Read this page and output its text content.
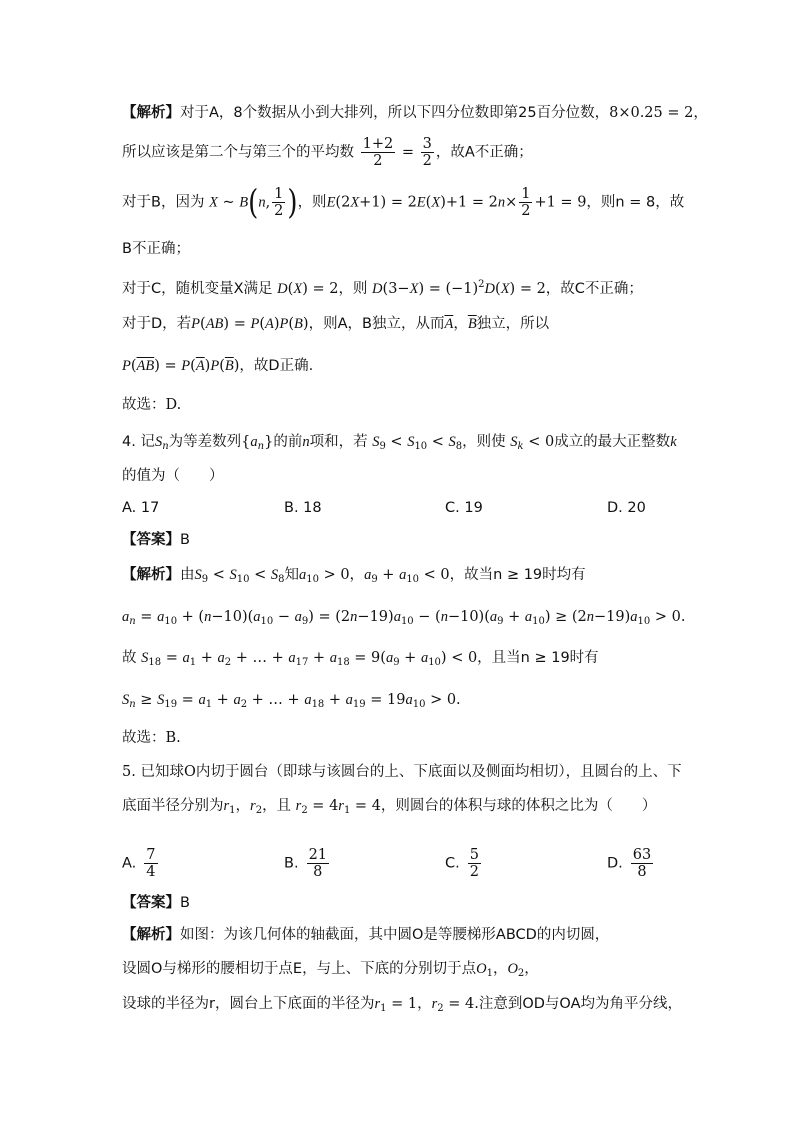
【解析】对于A，8个数据从小到大排列，所以下四分位数即第25百分位数，8×0.25 = 2，
所以应该是第二个与第三个的平均数 $\frac{1+2}{2} = \frac{3}{2}$ ，故A不正确；
对于B，因为 X ~ B(n, $\frac{1}{2}$ )，则$E(2X+1) = 2E(X)+1 = 2n\times \frac{1}{2} +1 = 9$，则n = 8，故
B不正确；
对于C，随机变量X满足 D(X) = 2，则 $D(3-X) = (-1)^2D(X) = 2$，故C不正确；
对于D，若P(AB) = P(A)P(B)，则A，B独立，从而$\overline{A}$，$\overline{B}$独立，所以
$P(\overline{AB}) = P(\overline{A})P(\overline{B})$，故D正确.
故选：D.
4. 记$S_n$为等差数列$\{a_n\}$的前n项和，若 $S_9 < S_{10} < S_8$，则使 $S_k < 0$成立的最大正整数k
的值为（　　）
A. 17	B. 18	C. 19	D. 20
【答案】B
【解析】由$S_9 < S_{10} < S_8$知$a_{10} > 0$，$a_9 + a_{10} < 0$，故当n ≥ 19时均有
$a_n = a_{10} + (n-10)(a_{10} - a_9) = (2n-19)a_{10} - (n-10)(a_9 + a_{10}) \ge (2n-19)a_{10} > 0$.
故 $S_{18} = a_1 + a_2$ + … + $a_{17} + a_{18} = 9(a_9 + a_{10}) < 0$，且当n ≥ 19时有
$S_n \ge S_{19} = a_1 + a_2$ + … + $a_{18} + a_{19} = 19a_{10} > 0$.
故选：B.
5. 已知球O内切于圆台（即球与该圆台的上、下底面以及侧面均相切），且圆台的上、下
底面半径分别为$r_1$，$r_2$，且 $r_2 = 4r_1 = 4$，则圆台的体积与球的体积之比为（　　）
A. $\frac{7}{4}$	B. $\frac{21}{8}$	C. $\frac{5}{2}$	D. $\frac{63}{8}$
【答案】B
【解析】如图：为该几何体的轴截面，其中圆O是等腰梯形ABCD的内切圆，
设圆O与梯形的腰相切于点E，与上、下底的分别切于点$O_1$，$O_2$，
设球的半径为r，圆台上下底面的半径为$r_1 = 1$，$r_2 = 4$.注意到OD与OA均为角平分线，
